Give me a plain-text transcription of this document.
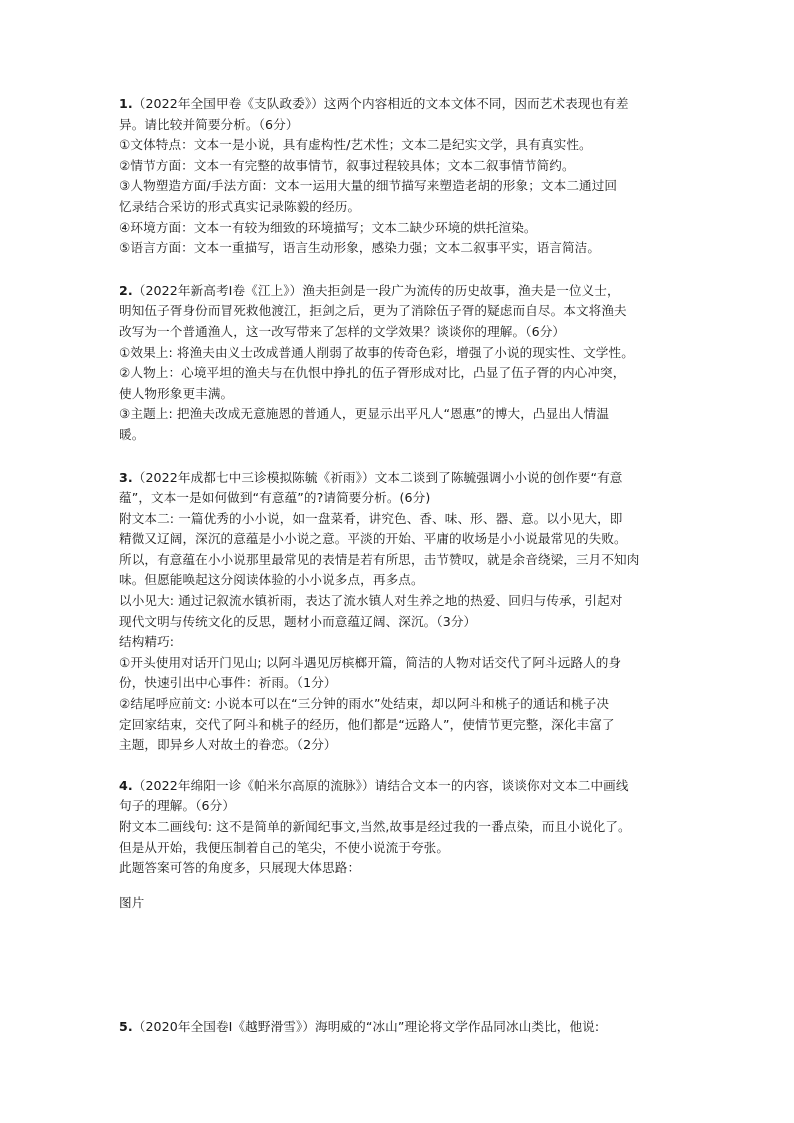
1.（2022年全国甲卷《支队政委》）这两个内容相近的文本文体不同，因而艺术表现也有差
异。请比较并简要分析。（6分）
①文体特点：文本一是小说，具有虚构性/艺术性；文本二是纪实文学，具有真实性。
②情节方面：文本一有完整的故事情节，叙事过程较具体；文本二叙事情节简约。
③人物塑造方面/手法方面：文本一运用大量的细节描写来塑造老胡的形象；文本二通过回
忆录结合采访的形式真实记录陈毅的经历。
④环境方面：文本一有较为细致的环境描写；文本二缺少环境的烘托渲染。
⑤语言方面：文本一重描写，语言生动形象，感染力强；文本二叙事平实，语言简洁。
2.（2022年新高考Ⅰ卷《江上》）渔夫拒剑是一段广为流传的历史故事，渔夫是一位义士，
明知伍子胥身份而冒死救他渡江，拒剑之后，更为了消除伍子胥的疑虑而自尽。本文将渔夫
改写为一个普通渔人，这一改写带来了怎样的文学效果？谈谈你的理解。（6分）
①效果上: 将渔夫由义士改成普通人削弱了故事的传奇色彩，增强了小说的现实性、文学性。
②人物上：心境平坦的渔夫与在仇恨中挣扎的伍子胥形成对比，凸显了伍子胥的内心冲突，
使人物形象更丰满。
③主题上: 把渔夫改成无意施恩的普通人，更显示出平凡人“恩惠”的博大，凸显出人情温
暖。
3.（2022年成都七中三诊模拟陈毓《祈雨》）文本二谈到了陈毓强调小小说的创作要“有意
蕴”，文本一是如何做到“有意蕴”的?请简要分析。(6分)
附文本二: 一篇优秀的小小说，如一盘菜肴，讲究色、香、味、形、器、意。以小见大，即
精微又辽阔，深沉的意蕴是小小说之意。平淡的开始、平庸的收场是小小说最常见的失败。
所以，有意蕴在小小说那里最常见的表情是若有所思，击节赞叹，就是余音绕梁，三月不知肉
味。但愿能唤起这分阅读体验的小小说多点，再多点。
以小见大: 通过记叙流水镇祈雨，表达了流水镇人对生养之地的热爱、回归与传承，引起对
现代文明与传统文化的反思，题材小而意蕴辽阔、深沉。（3分）
结构精巧:
①开头使用对话开门见山; 以阿斗遇见厉槟榔开篇，简洁的人物对话交代了阿斗远路人的身
份，快速引出中心事件：祈雨。（1分）
②结尾呼应前文: 小说本可以在“三分钟的雨水”处结束，却以阿斗和桃子的通话和桃子决
定回家结束，交代了阿斗和桃子的经历，他们都是“远路人”，使情节更完整，深化丰富了
主题，即异乡人对故土的眷恋。（2分）
4.（2022年绵阳一诊《帕米尔高原的流脉》）请结合文本一的内容，谈谈你对文本二中画线
句子的理解。（6分）
附文本二画线句: 这不是简单的新闻纪事文,当然,故事是经过我的一番点染，而且小说化了。
但是从开始，我便压制着自己的笔尖，不使小说流于夸张。
此题答案可答的角度多，只展现大体思路：
图片
5.（2020年全国卷Ⅰ《越野滑雪》）海明威的“冰山”理论将文学作品同冰山类比，他说:
